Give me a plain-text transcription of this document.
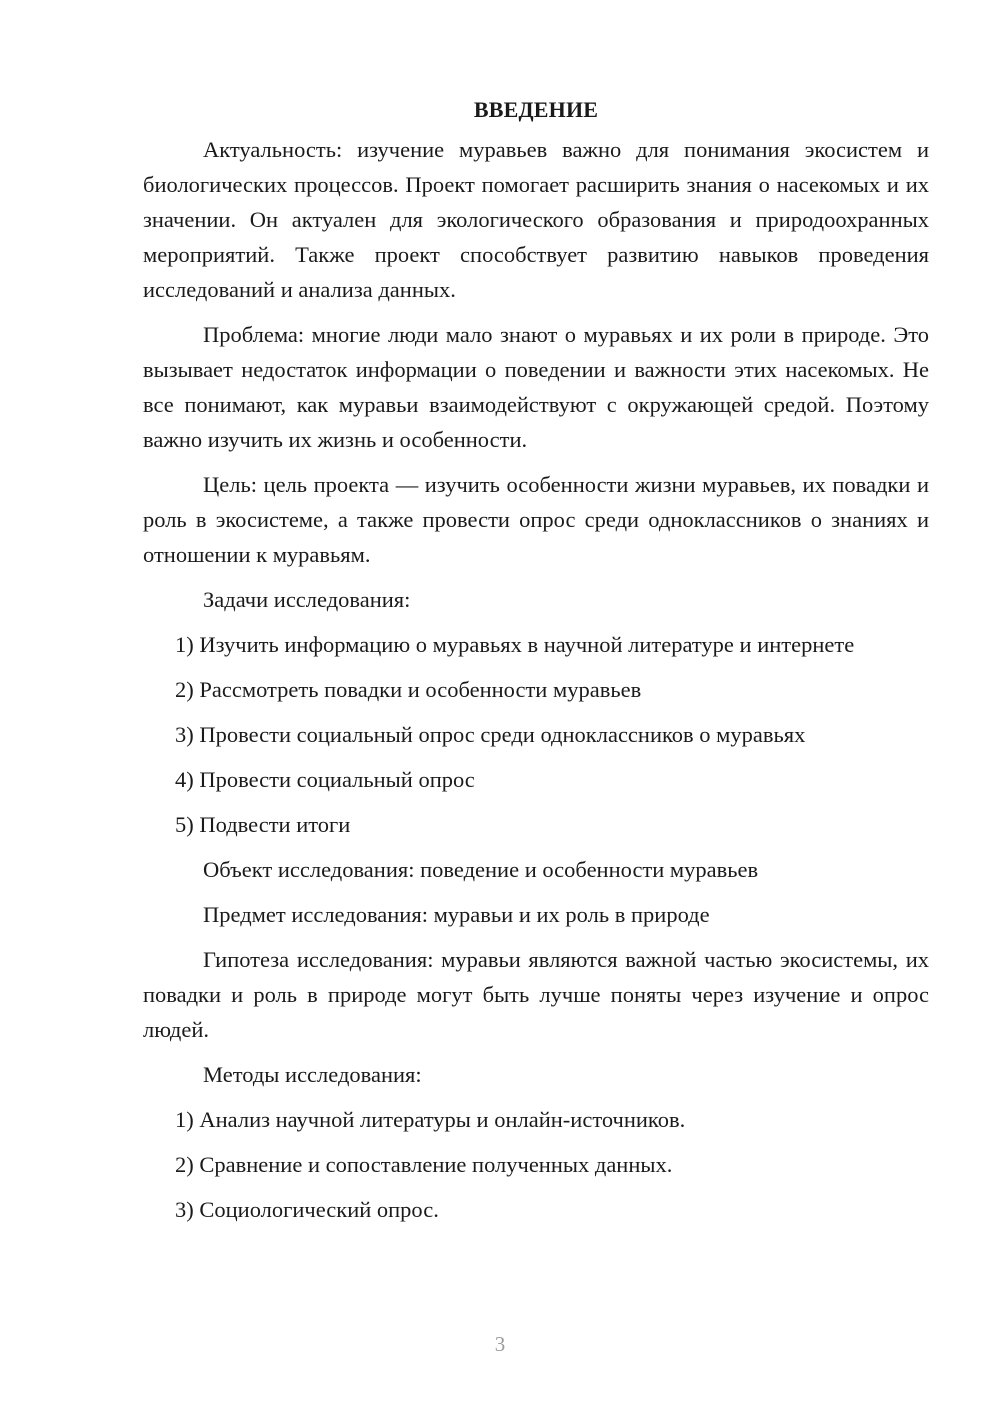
ВВЕДЕНИЕ

Актуальность: изучение муравьев важно для понимания экосистем и биологических процессов. Проект помогает расширить знания о насекомых и их значении. Он актуален для экологического образования и природоохранных мероприятий. Также проект способствует развитию навыков проведения исследований и анализа данных.

Проблема: многие люди мало знают о муравьях и их роли в природе. Это вызывает недостаток информации о поведении и важности этих насекомых. Не все понимают, как муравьи взаимодействуют с окружающей средой. Поэтому важно изучить их жизнь и особенности.

Цель: цель проекта — изучить особенности жизни муравьев, их повадки и роль в экосистеме, а также провести опрос среди одноклассников о знаниях и отношении к муравьям.

Задачи исследования:
1) Изучить информацию о муравьях в научной литературе и интернете
2) Рассмотреть повадки и особенности муравьев
3) Провести социальный опрос среди одноклассников о муравьях
4) Провести социальный опрос
5) Подвести итоги
Объект исследования: поведение и особенности муравьев
Предмет исследования: муравьи и их роль в природе

Гипотеза исследования: муравьи являются важной частью экосистемы, их повадки и роль в природе могут быть лучше поняты через изучение и опрос людей.

Методы исследования:
1) Анализ научной литературы и онлайн-источников.
2) Сравнение и сопоставление полученных данных.
3) Социологический опрос.
3
